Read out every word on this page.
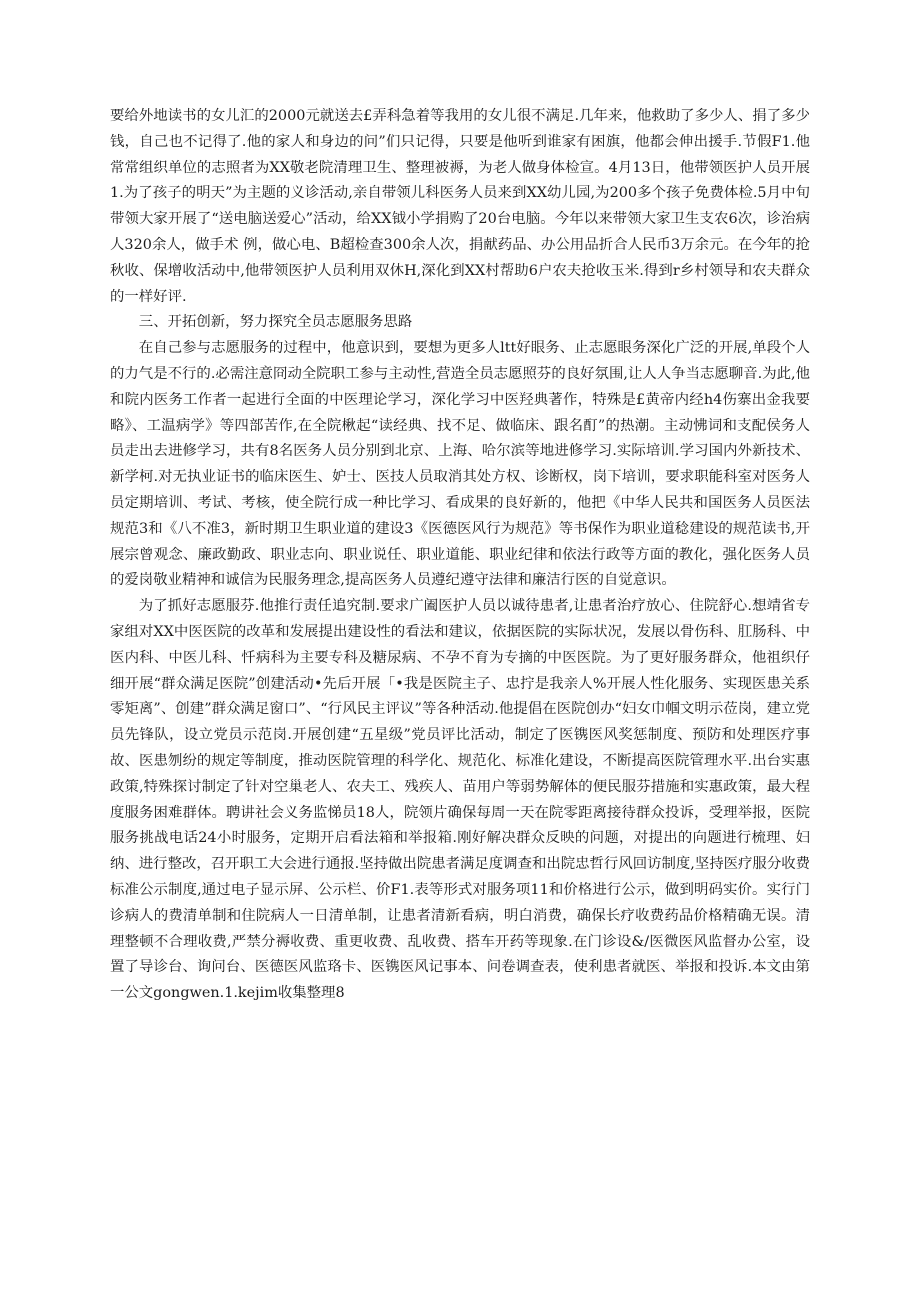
要给外地读书的女儿汇的2000元就送去£弄科急着等我用的女儿很不满足.几年来，他救助了多少人、捐了多少钱，自己也不记得了.他的家人和身边的问”们只记得，只要是他听到谁家有困旗，他都会伸出援手.节假F1.他常常组织单位的志照者为XX敬老院清理卫生、整理被褥，为老人做身体检宣。4月13日，他带领医护人员开展1.为了孩子的明天”为主题的义诊活动,亲自带领儿科医务人员来到XX幼儿园,为200多个孩子免费体检.5月中旬带领大家开展了“送电脑送爱心”活动，给XX钺小学捐购了20台电脑。今年以来带领大家卫生支农6次，诊治病人320余人，做手术 例，做心电、B超检查300余人次，捐献药品、办公用品折合人民币3万余元。在今年的抢秋收、保增收活动中,他带领医护人员利用双休H,深化到XX村帮助6户农夫抢收玉米.得到r乡村领导和农夫群众的一样好评.

三、开拓创新，努力探究全员志愿服务思路

在自己参与志愿服务的过程中，他意识到，要想为更多人ltt好眼务、止志愿眼务深化广泛的开展,单段个人的力气是不行的.必需注意冏动全院职工参与主动性,营造全员志愿照芬的良好氛围,让人人争当志愿聊音.为此,他和院内医务工作者一起进行全面的中医理论学习，深化学习中医羟典著作，特殊是£黄帝内经h4伤寨出金我要略》、工温病学》等四部苦作,在全院楸起“读经典、找不足、做临床、跟名酊”的热潮。主动怫词和支配侯务人员走出去进修学习，共有8名医务人员分别到北京、上海、哈尔滨等地进修学习.实际培训.学习国内外新技术、新学柯.对无执业证书的临床医生、妒士、医技人员取消其处方权、诊断权，岗下培训，要求职能科室对医务人员定期培训、考试、考核，使全院行成一种比学习、看成果的良好新的，他把《中华人民共和国医务人员医法规范3和《八不准3，新时期卫生职业道的建设3《医德医风行为规范》等书保作为职业道稔建设的规范读书,开展宗曾观念、廉政勤政、职业志向、职业说任、职业道能、职业纪律和依法行政等方面的教化，强化医务人员的爱岗敬业精神和诚信为民服务理念,提高医务人员遵纪遵守法律和廉洁行医的自觉意识。

为了抓好志愿服芬.他推行责任追究制.要求广阖医护人员以诚待患者,让患者治疗放心、住院舒心.想靖省专家组对XX中医医院的改革和发展提出建设性的看法和建议，依据医院的实际状况，发展以骨伤科、肛肠科、中医内科、中医儿科、忏病科为主要专科及糖尿病、不孕不育为专摘的中医医院。为了更好服务群众，他祖织仔细开展“群众满足医院”创建活动•先后开展「•我是医院主子、忠拧是我亲人%开展人性化服务、实现医患关系零矩离”、创建”群众满足窗口”、“行风民主评议”等各种活动.他提倡在医院创办“妇女巾帼文明示莅岗，建立党员先锋队，设立党员示范岗.开展创建“五星级”党员评比活动，制定了医镌医风奖惩制度、预防和处理医疗事故、医患刎纷的规定等制度，推动医院管理的科学化、规范化、标准化建设，不断提高医院管理水平.出台实惠政策,特殊探讨制定了针对空巢老人、农夫工、残疾人、苗用户等弱势解体的便民服芬措施和实惠政策，最大程度服务困难群体。聘讲社会义务监悌员18人，院领片确保每周一天在院零距离接待群众投诉，受理举报，医院服务挑战电话24小时服务，定期开启看法箱和举报箱.刚好解决群众反映的问题，对提出的向题进行梳理、妇纳、进行整改，召开职工大会进行通报.坚持做出院患者满足度调查和出院忠哲行风回访制度,坚持医疗服分收费标准公示制度,通过电子显示屏、公示栏、价F1.表等形式对服务项11和价格进行公示，做到明码实价。实行门诊病人的费清单制和住院病人一日清单制，让患者清新看病，明白消费，确保长疗收费药品价格精确无误。清理整顿不合理收费,严禁分褥收费、重更收费、乱收费、搭车开药等现象.在门诊设&/医微医风监督办公室，设置了导诊台、询问台、医德医风监珞卡、医镌医风记事本、问卷调查表，使利患者就医、举报和投诉.本文由第一公文gongwen.1.kejim收集整理8
